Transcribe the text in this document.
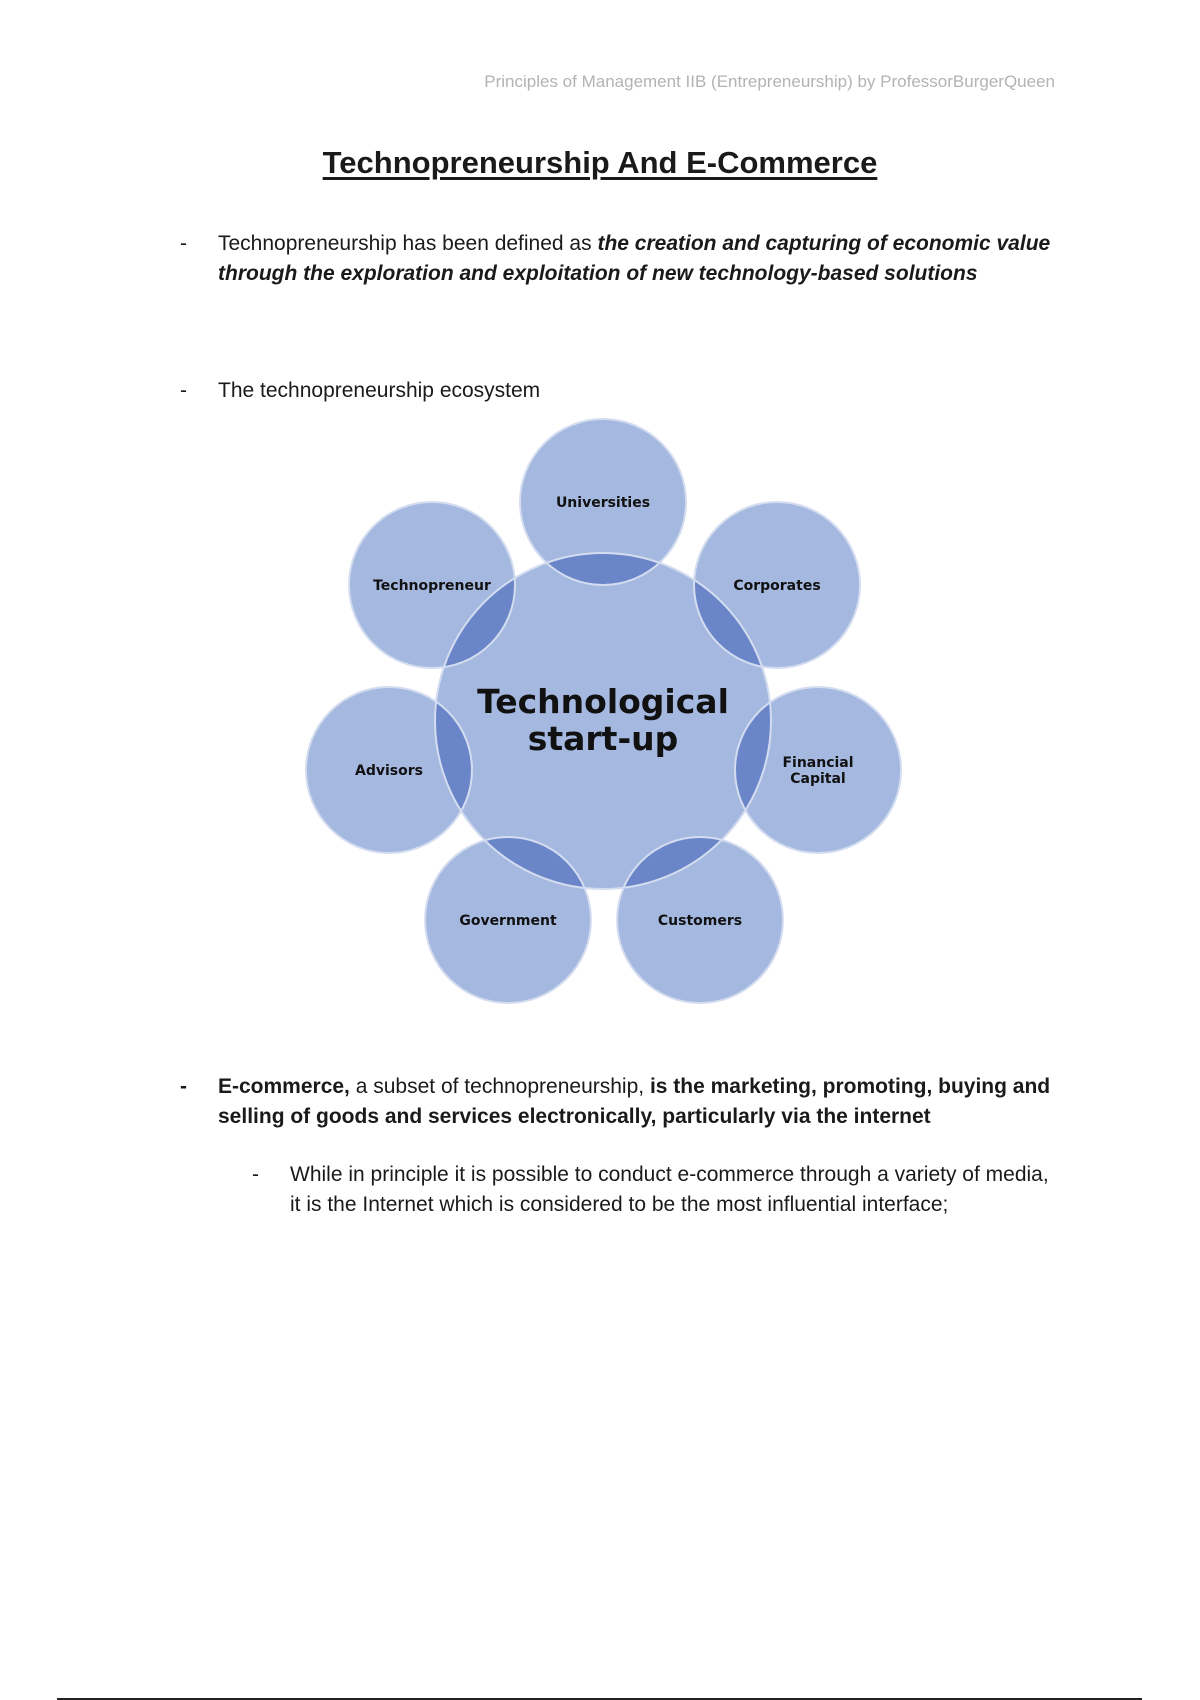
Principles of Management IIB (Entrepreneurship) by ProfessorBurgerQueen
Technopreneurship And E-Commerce
-	Technopreneurship has been defined as the creation and capturing of economic value through the exploration and exploitation of new technology-based solutions
-	The technopreneurship ecosystem
Technological
start-up
Universities
Corporates
Financial
Capital
Customers
Government
Advisors
Technopreneur
-	E-commerce, a subset of technopreneurship, is the marketing, promoting, buying and selling of goods and services electronically, particularly via the internet
-	While in principle it is possible to conduct e-commerce through a variety of media, it is the Internet which is considered to be the most influential interface;
